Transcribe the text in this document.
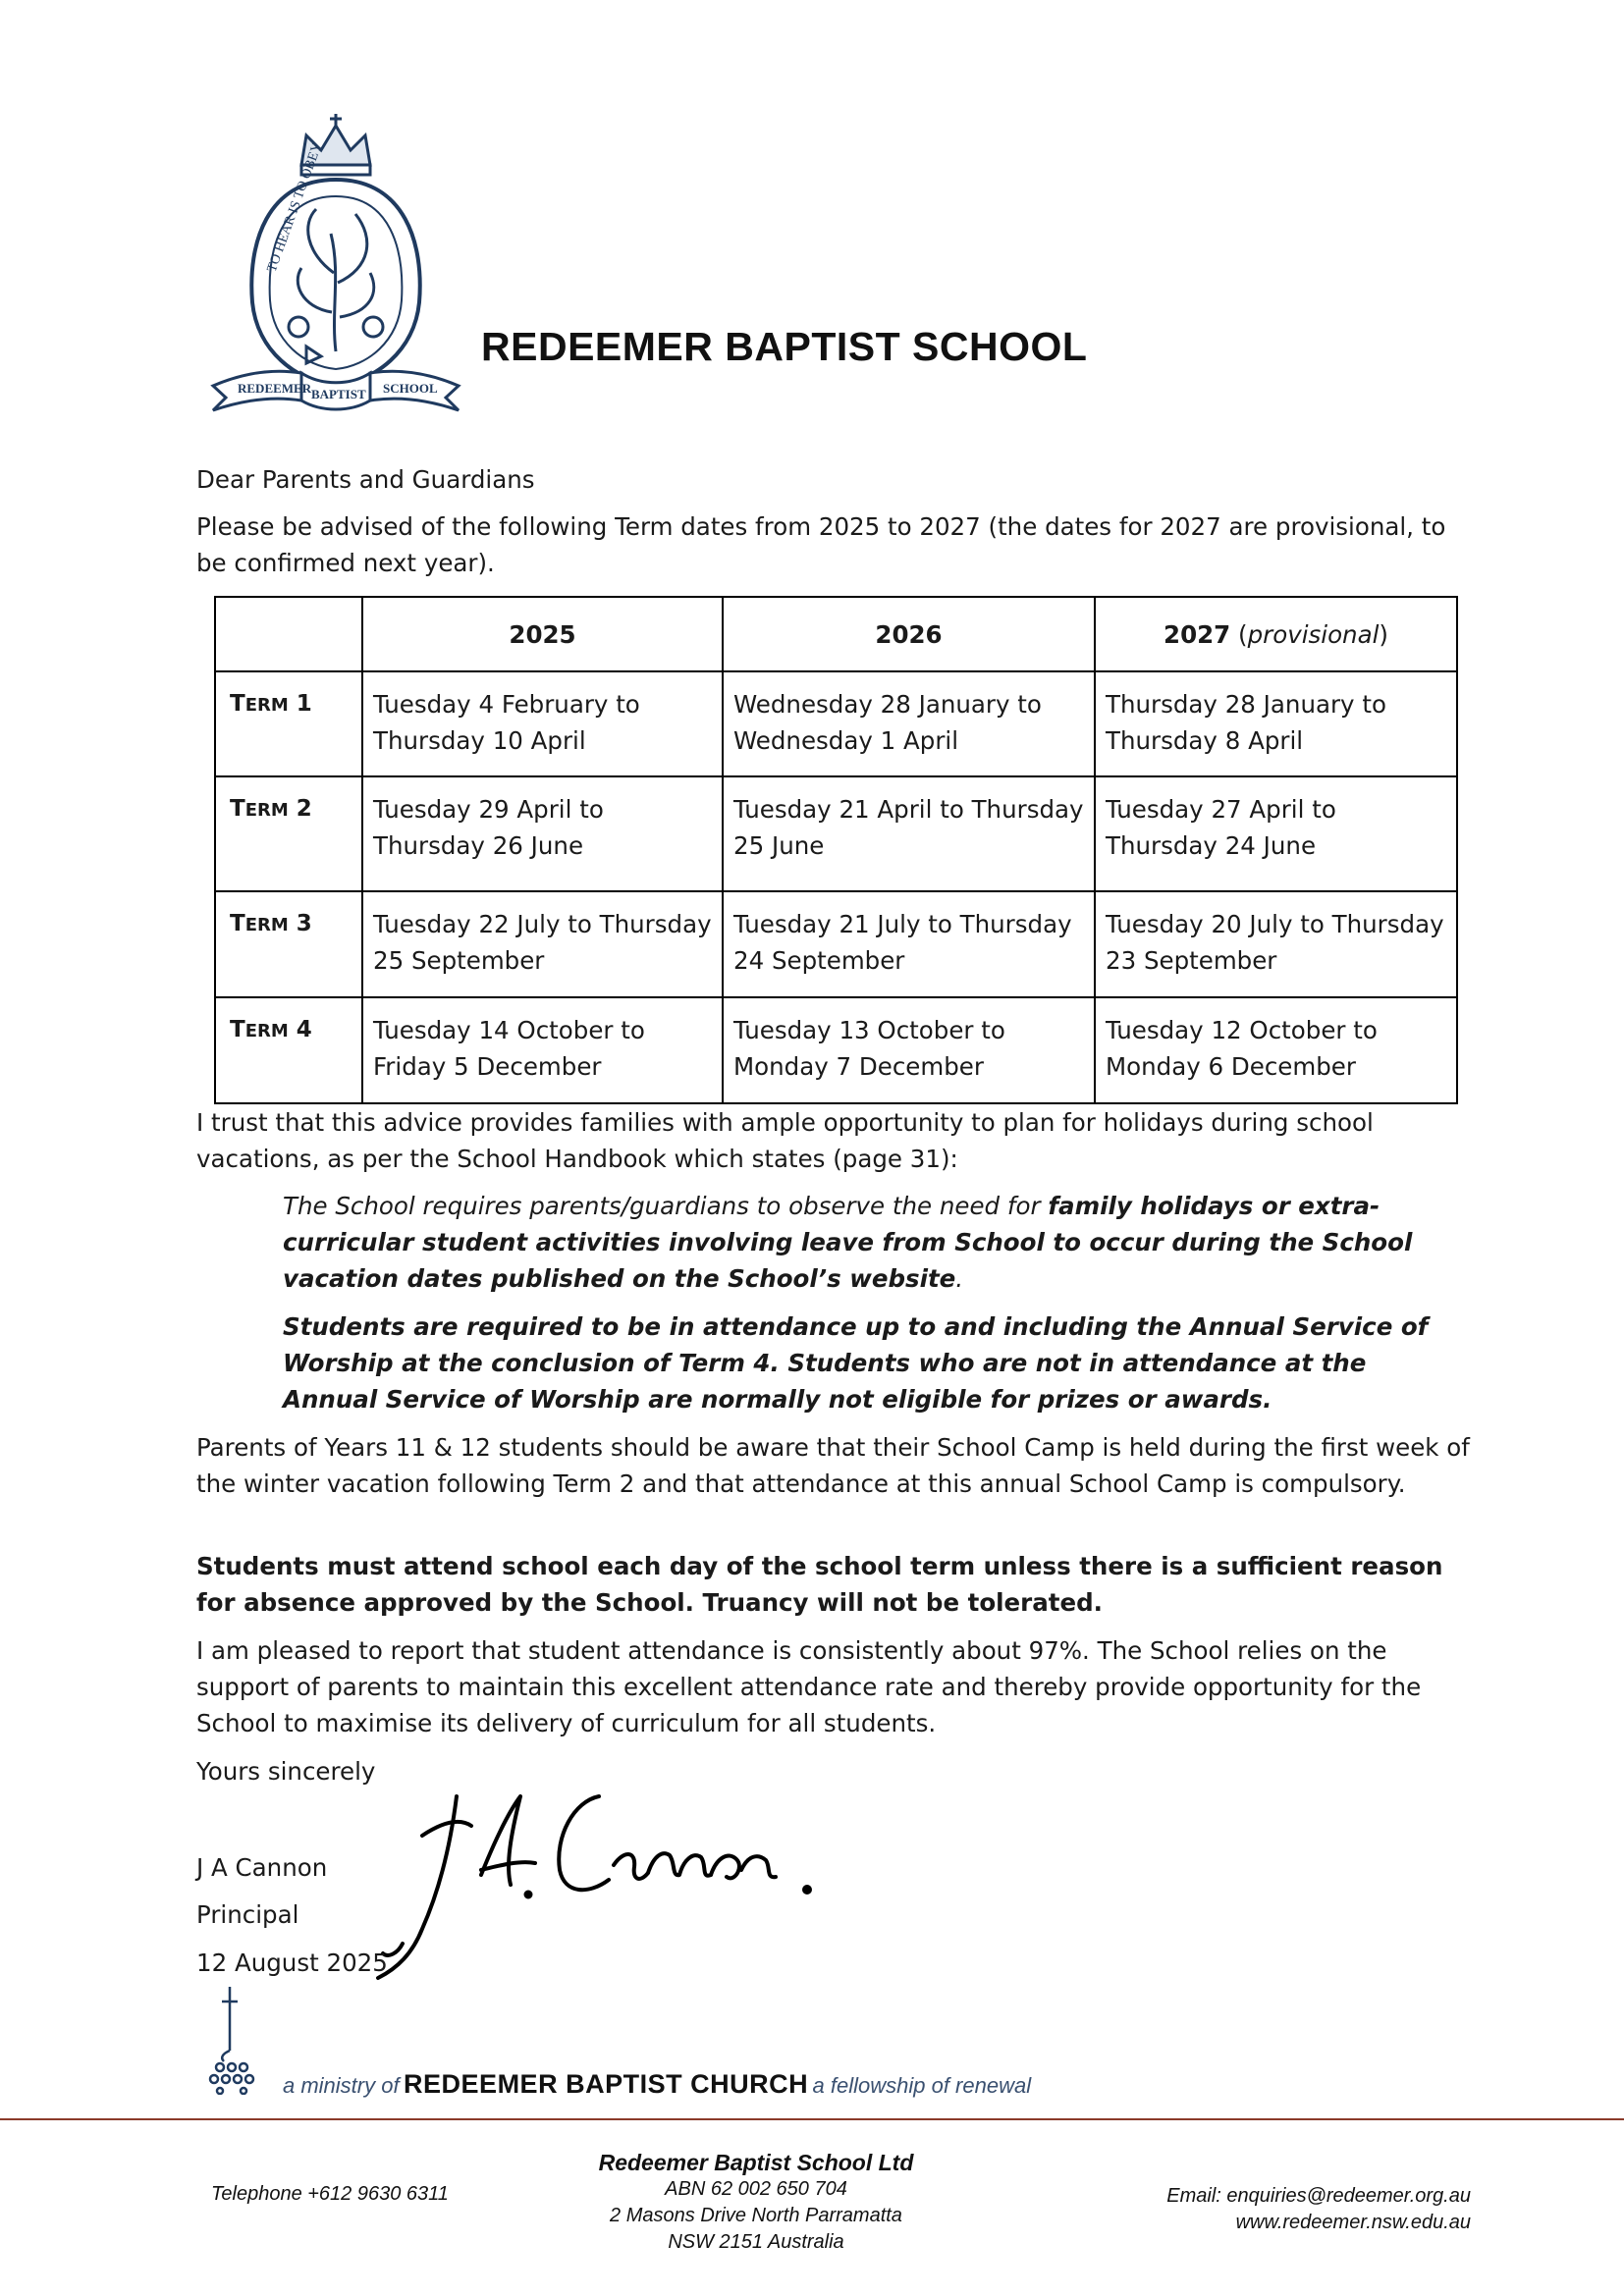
TO HEAR IS TO OBEY
REDEEMER BAPTIST SCHOOL
REDEEMER BAPTIST SCHOOL
Dear Parents and Guardians
Please be advised of the following Term dates from 2025 to 2027 (the dates for 2027 are provisional, to be confirmed next year).
	2025	2026	2027 (provisional)
TERM 1	Tuesday 4 February to Thursday 10 April	Wednesday 28 January to Wednesday 1 April	Thursday 28 January to Thursday 8 April
TERM 2	Tuesday 29 April to Thursday 26 June	Tuesday 21 April to Thursday 25 June	Tuesday 27 April to Thursday 24 June
TERM 3	Tuesday 22 July to Thursday 25 September	Tuesday 21 July to Thursday 24 September	Tuesday 20 July to Thursday 23 September
TERM 4	Tuesday 14 October to Friday 5 December	Tuesday 13 October to Monday 7 December	Tuesday 12 October to Monday 6 December
I trust that this advice provides families with ample opportunity to plan for holidays during school vacations, as per the School Handbook which states (page 31):
The School requires parents/guardians to observe the need for family holidays or extra-curricular student activities involving leave from School to occur during the School vacation dates published on the School’s website.
Students are required to be in attendance up to and including the Annual Service of Worship at the conclusion of Term 4. Students who are not in attendance at the Annual Service of Worship are normally not eligible for prizes or awards.
Parents of Years 11 & 12 students should be aware that their School Camp is held during the first week of the winter vacation following Term 2 and that attendance at this annual School Camp is compulsory.
Students must attend school each day of the school term unless there is a sufficient reason for absence approved by the School. Truancy will not be tolerated.
I am pleased to report that student attendance is consistently about 97%. The School relies on the support of parents to maintain this excellent attendance rate and thereby provide opportunity for the School to maximise its delivery of curriculum for all students.
Yours sincerely
J A Cannon
Principal
12 August 2025
a ministry of REDEEMER BAPTIST CHURCH a fellowship of renewal
Telephone +612 9630 6311
Redeemer Baptist School Ltd
ABN 62 002 650 704
2 Masons Drive North Parramatta
NSW 2151 Australia
Email: enquiries@redeemer.org.au
www.redeemer.nsw.edu.au
